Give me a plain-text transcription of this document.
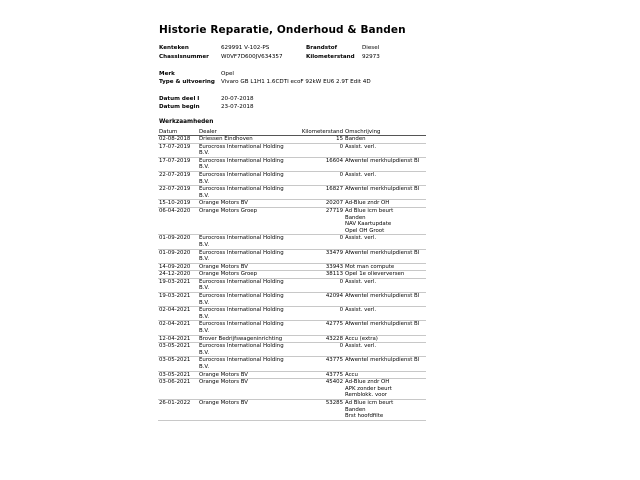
Historie Reparatie, Onderhoud & Banden
Kenteken	629991 V-102-PS	Brandstof	Diesel
Chassisnummer W0VF7D600JV634357	Kilometerstand 92973
Merk	Opel
Type & uitvoering Vivaro GB L1H1 1.6CDTI ecoF 92kW EU6 2.9T Edit 4D
Datum deel I	20-07-2018
Datum begin	23-07-2018
Werkzaamheden
Datum	Dealer	Kilometerstand	Omschrijving
02-08-2018	Driessen Eindhoven	15	Banden

17-07-2019	Eurocross International Holding
B.V.	0	Assist. verl.

17-07-2019	Eurocross International Holding
B.V.	16604	Afwentel merkhulpdienst BI

22-07-2019	Eurocross International Holding
B.V.	0	Assist. verl.

22-07-2019	Eurocross International Holding
B.V.	16827	Afwentel merkhulpdienst BI

15-10-2019	Orange Motors BV	20207	Ad-Blue zndr OH

06-04-2020	Orange Motors Groep	27719	Ad Blue icm beurt
Banden
NAV Kaartupdate
Opel OH Groot

01-09-2020	Eurocross International Holding
B.V.	0	Assist. verl.

01-09-2020	Eurocross International Holding
B.V.	33479	Afwentel merkhulpdienst BI

14-09-2020	Orange Motors BV	33943	Mot man compute

24-12-2020	Orange Motors Groep	38113	Opel 1e olieverversen

19-03-2021	Eurocross International Holding
B.V.	0	Assist. verl.

19-03-2021	Eurocross International Holding
B.V.	42094	Afwentel merkhulpdienst BI

02-04-2021	Eurocross International Holding
B.V.	0	Assist. verl.

02-04-2021	Eurocross International Holding
B.V.	42775	Afwentel merkhulpdienst BI

12-04-2021	Brover Bedrijfswageninrichting	43228	Accu (extra)

03-05-2021	Eurocross International Holding
B.V.	0	Assist. verl.

03-05-2021	Eurocross International Holding
B.V.	43775	Afwentel merkhulpdienst BI

03-05-2021	Orange Motors BV	43775	Accu

03-06-2021	Orange Motors BV	45402	Ad-Blue zndr OH
APK zonder beurt
Remblokk. voor

26-01-2022	Orange Motors BV	53285	Ad Blue icm beurt
Banden
Brst hoofdfilte
